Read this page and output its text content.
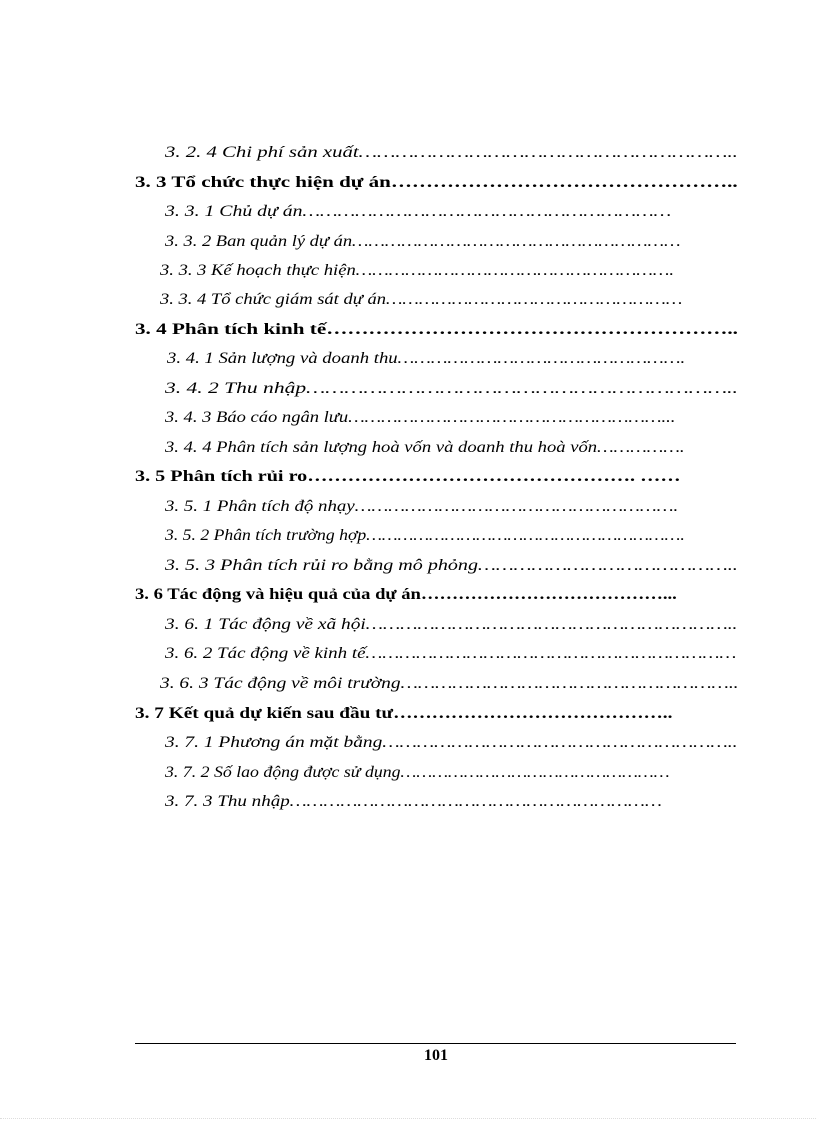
3. 2. 4 Chi phí sản xuất……………………………………………………..
3. 3 Tổ chức thực hiện dự án…………………………………………..
3. 3. 1 Chủ dự án………………………………………………………
3. 3. 2 Ban quản lý dự án……………………………………………………
3. 3. 3 Kế hoạch thực hiện………………………………………………….
3. 3. 4 Tổ chức giám sát dự án………………………………………………
3. 4 Phân tích kinh tế…………………………………………………..
3. 4. 1 Sản lượng và doanh thu…………………………………………….
3. 4. 2 Thu nhập…………………………………………………………..
3. 4. 3 Báo cáo ngân lưu…………………………………………………...
3. 4. 4 Phân tích sản lượng hoà vốn và doanh thu hoà vốn…………….
3. 5 Phân tích rủi ro…………………………………………. ……
3. 5. 1 Phân tích độ nhạy………………………………………………….
3. 5. 2 Phân tích trường hợp…………………………………………………….
3. 5. 3 Phân tích rủi ro bằng mô phỏng……………………………………..
3. 6 Tác động và hiệu quả của dự án…………………………………...
3. 6. 1 Tác động về xã hội………………………………………………………..
3. 6. 2 Tác động về kinh tế…………………………………………………………
3. 6. 3 Tác động về môi trường…………………………………………………..
3. 7 Kết quả dự kiến sau đầu tư……………………………………..
3. 7. 1 Phương án mặt bằng……………………………………………………..
3. 7. 2 Số lao động được sử dụng……………………………………………
3. 7. 3 Thu nhập…………………………………………………………
101
